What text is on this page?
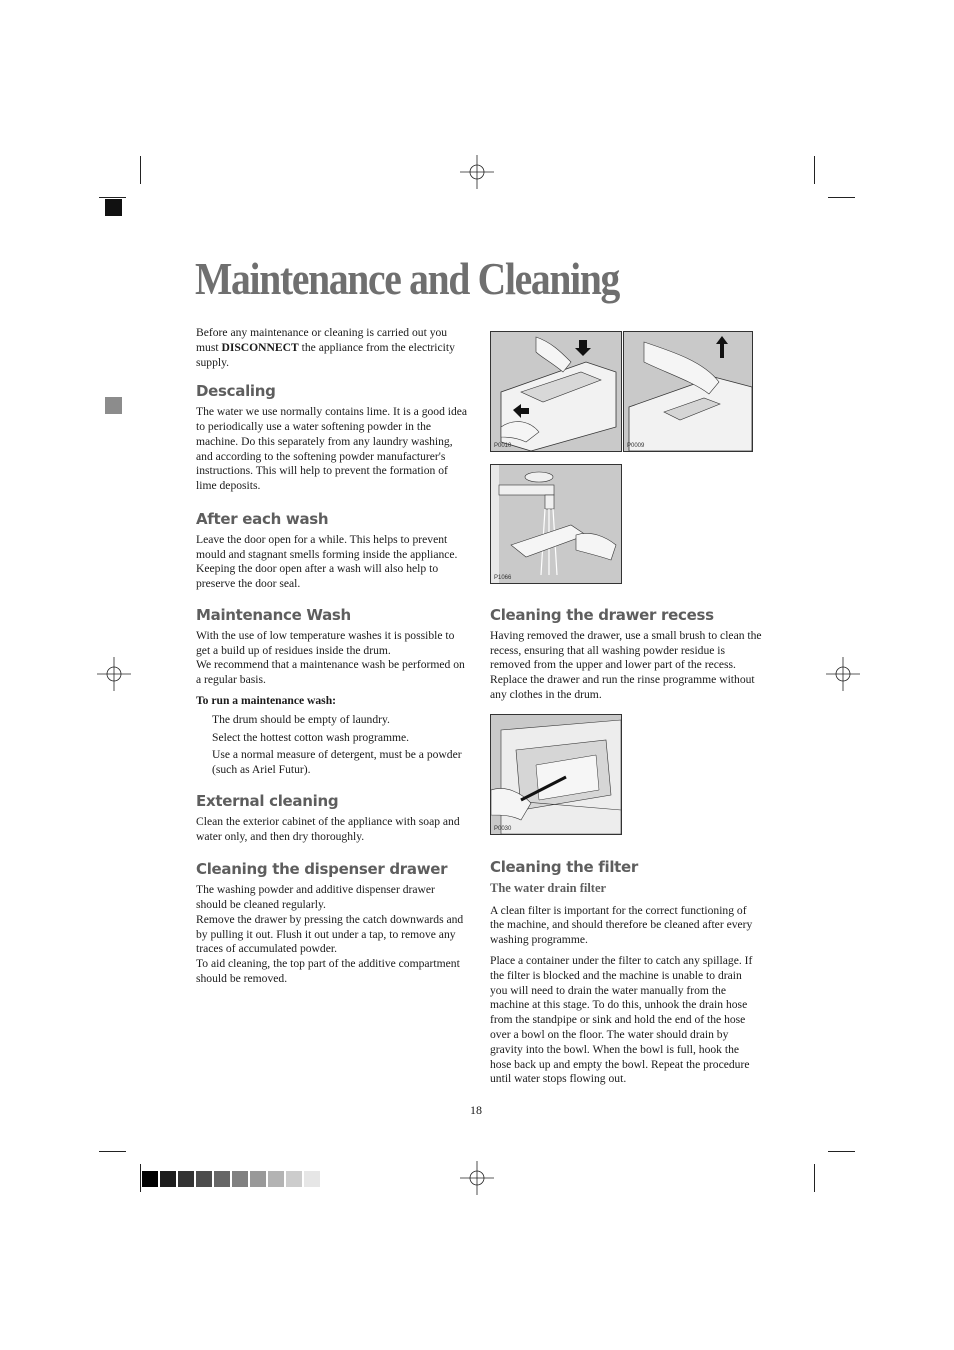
Maintenance and Cleaning

Before any maintenance or cleaning is carried out you must DISCONNECT the appliance from the electricity supply.

Descaling

The water we use normally contains lime. It is a good idea to periodically use a water softening powder in the machine. Do this separately from any laundry washing, and according to the softening powder manufacturer's instructions. This will help to prevent the formation of lime deposits.

After each wash

Leave the door open for a while. This helps to prevent mould and stagnant smells forming inside the appliance. Keeping the door open after a wash will also help to preserve the door seal.

Maintenance Wash

With the use of low temperature washes it is possible to get a build up of residues inside the drum.

We recommend that a maintenance wash be performed on a regular basis.

To run a maintenance wash:

The drum should be empty of laundry.
Select the hottest cotton wash programme.
Use a normal measure of detergent, must be a powder (such as Ariel Futur).
External cleaning

Clean the exterior cabinet of the appliance with soap and water only, and then dry thoroughly.

Cleaning the dispenser drawer

The washing powder and additive dispenser drawer should be cleaned regularly.

Remove the drawer by pressing the catch downwards and by pulling it out. Flush it out under a tap, to remove any traces of accumulated powder.

To aid cleaning, the top part of the additive compartment should be removed.

P0010	P0009
P1066
P0030
Cleaning the drawer recess

Having removed the drawer, use a small brush to clean the recess, ensuring that all washing powder residue is removed from the upper and lower part of the recess. Replace the drawer and run the rinse programme without any clothes in the drum.

Cleaning the filter
The water drain filter

A clean filter is important for the correct functioning of the machine, and should therefore be cleaned after every washing programme.

Place a container under the filter to catch any spillage. If the filter is blocked and the machine is unable to drain you will need to drain the water manually from the machine at this stage. To do this, unhook the drain hose from the standpipe or sink and hold the end of the hose over a bowl on the floor. The water should drain by gravity into the bowl. When the bowl is full, hook the hose back up and empty the bowl. Repeat the procedure until water stops flowing out.

18
